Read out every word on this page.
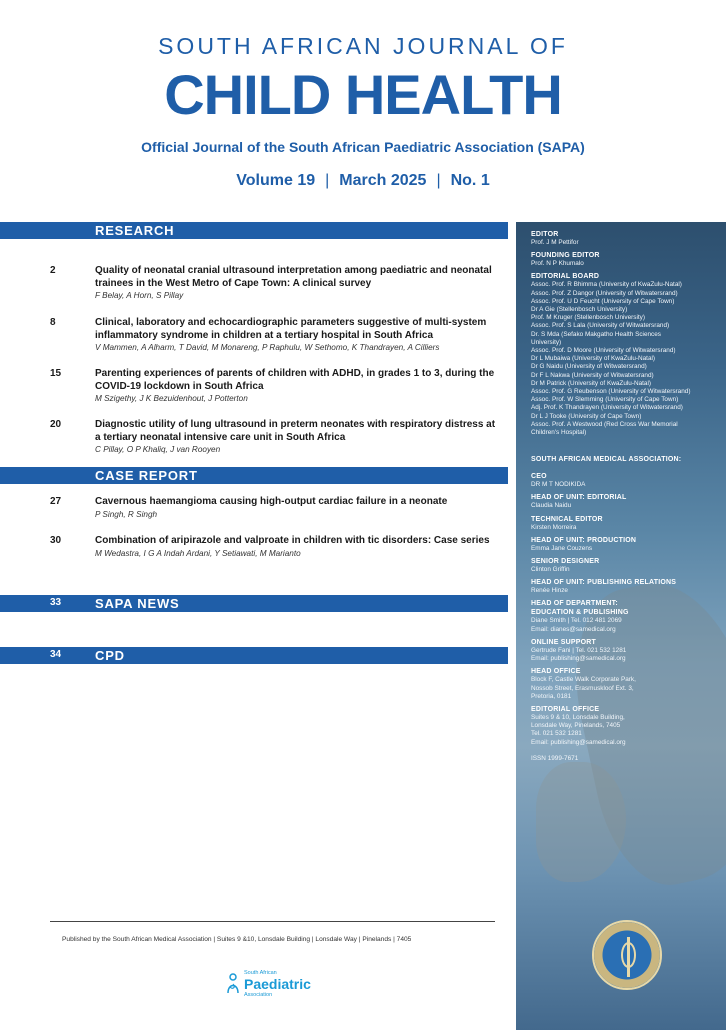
SOUTH AFRICAN JOURNAL OF
CHILD HEALTH
Official Journal of the South African Paediatric Association (SAPA)
Volume 19 | March 2025 | No. 1
RESEARCH
2	Quality of neonatal cranial ultrasound interpretation among paediatric and neonatal trainees in the West Metro of Cape Town: A clinical survey
F Belay, A Horn, S Pillay
8	Clinical, laboratory and echocardiographic parameters suggestive of multi-system inflammatory syndrome in children at a tertiary hospital in South Africa
V Mammen, A Alharm, T David, M Monareng, P Raphulu, W Sethomo, K Thandrayen, A Cilliers
15	Parenting experiences of parents of children with ADHD, in grades 1 to 3, during the COVID-19 lockdown in South Africa
M Szigethy, J K Bezuidenhout, J Potterton
20	Diagnostic utility of lung ultrasound in preterm neonates with respiratory distress at a tertiary neonatal intensive care unit in South Africa
C Pillay, O P Khaliq, J van Rooyen
CASE REPORT
27	Cavernous haemangioma causing high-output cardiac failure in a neonate
P Singh, R Singh
30	Combination of aripirazole and valproate in children with tic disorders: Case series
M Wedastra, I G A Indah Ardani, Y Setiawati, M Marianto
33	SAPA NEWS
34	CPD
Published by the South African Medical Association | Suites 9 &10, Lonsdale Building | Lonsdale Way | Pinelands | 7405
South African
Paediatric
Association
EDITOR
Prof. J M Pettifor
FOUNDING EDITOR
Prof. N P Khumalo
EDITORIAL BOARD
Assoc. Prof. R Bhimma (University of KwaZulu-Natal)
Assoc. Prof. Z Dangor (University of Witwatersrand)
Assoc. Prof. U D Feucht (University of Cape Town)
Dr A Gie (Stellenbosch University)
Prof. M Kruger (Stellenbosch University)
Assoc. Prof. S Lala (University of Witwatersrand)
Dr. S Mda (Sefako Makgatho Health Sciences
University)
Assoc. Prof. D Moore (University of Witwatersrand)
Dr L Mubaiwa (University of KwaZulu-Natal)
Dr G Naidu (University of Witwatersrand)
Dr F L Nakwa (University of Witwatersrand)
Dr M Patrick (University of KwaZulu-Natal)
Assoc. Prof. G Reubenson (University of Witwatersrand)
Assoc. Prof. W Slemming (University of Cape Town)
Adj. Prof. K Thandrayen (University of Witwatersrand)
Dr L J Tooke (University of Cape Town)
Assoc. Prof. A Westwood (Red Cross War Memorial
Children's Hospital)
SOUTH AFRICAN MEDICAL ASSOCIATION:
CEO
DR M T NODIKIDA
HEAD OF UNIT: EDITORIAL
Claudia Naidu
TECHNICAL EDITOR
Kirsten Morreira
HEAD OF UNIT: PRODUCTION
Emma Jane Couzens
SENIOR DESIGNER
Clinton Griffin
HEAD OF UNIT: PUBLISHING RELATIONS
Renée Hinze
HEAD OF DEPARTMENT:
EDUCATION & PUBLISHING
Diane Smith | Tel. 012 481 2069
Email: dianes@samedical.org
ONLINE SUPPORT
Gertrude Fani | Tel. 021 532 1281
Email: publishing@samedical.org
HEAD OFFICE
Block F, Castle Walk Corporate Park,
Nossob Street, Erasmuskloof Ext. 3,
Pretoria, 0181
EDITORIAL OFFICE
Suites 9 & 10, Lonsdale Building,
Lonsdale Way, Pinelands, 7405
Tel. 021 532 1281
Email: publishing@samedical.org
ISSN 1999-7671
